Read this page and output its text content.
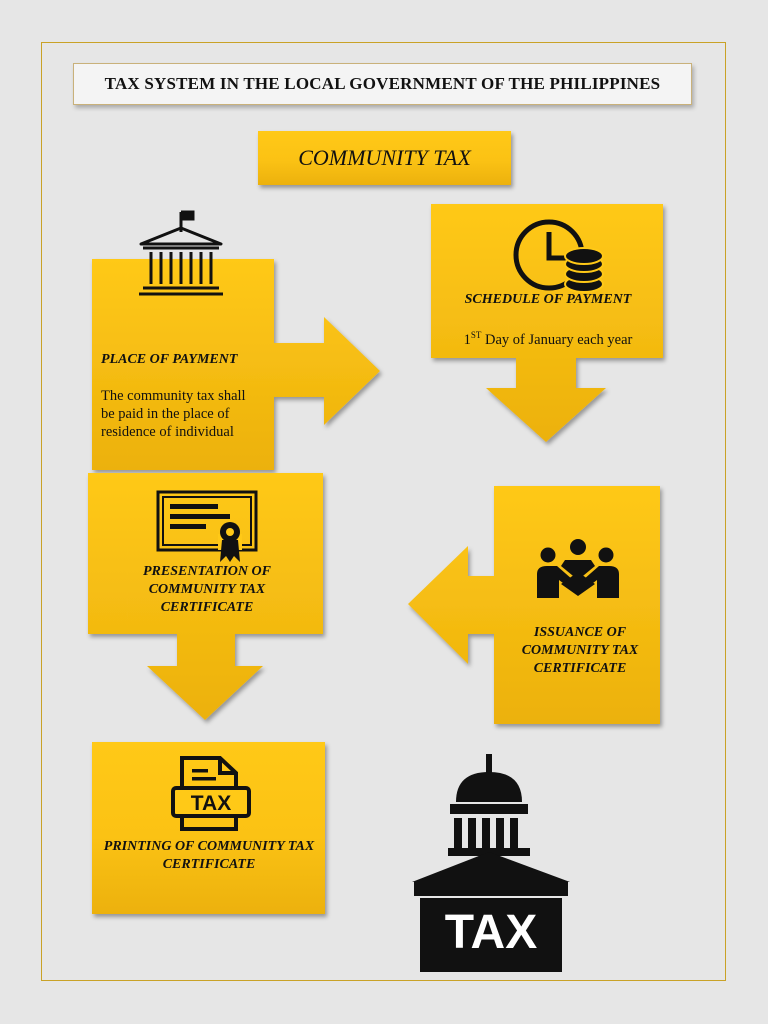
TAX SYSTEM IN THE LOCAL GOVERNMENT OF THE PHILIPPINES
COMMUNITY TAX
TAX
TAX
PLACE OF PAYMENT
The community tax shall be paid in the place of residence of individual
SCHEDULE OF PAYMENT
1ST Day of January each year
PRESENTATION OF COMMUNITY TAX CERTIFICATE
ISSUANCE OF COMMUNITY TAX CERTIFICATE
PRINTING OF COMMUNITY TAX CERTIFICATE
